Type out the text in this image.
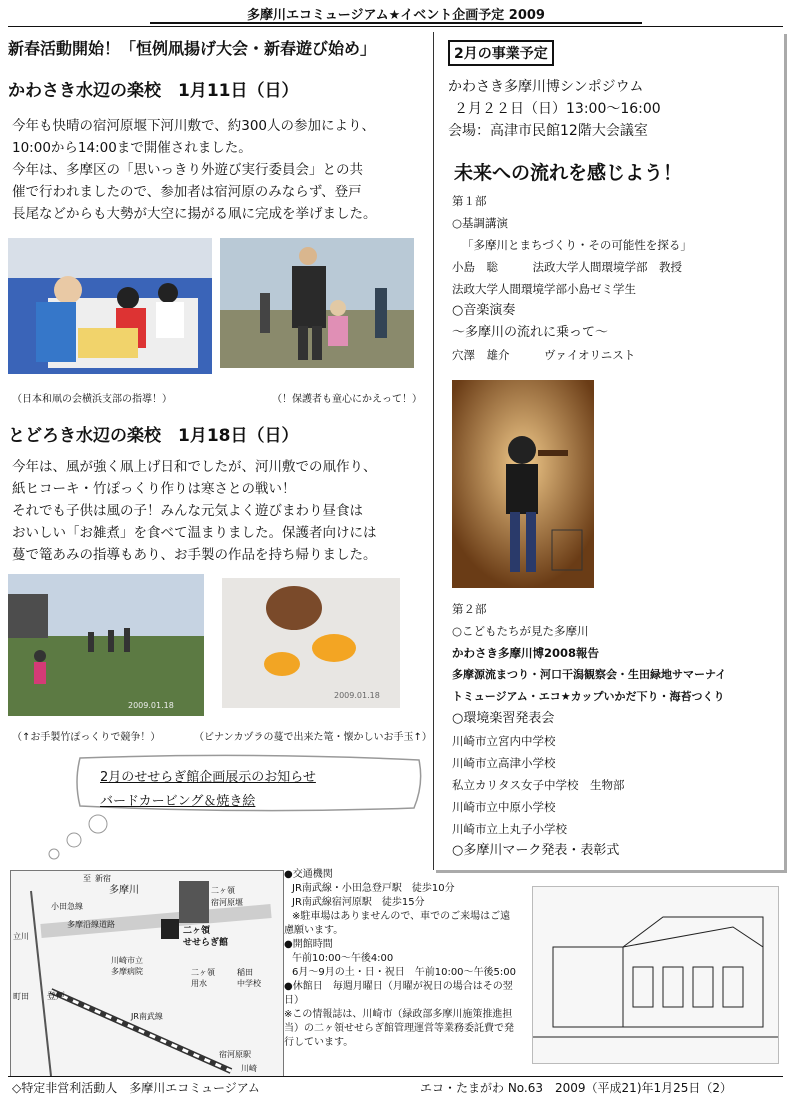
多摩川エコミュージアム★イベント企画予定 2009
新春活動開始！「恒例凧揚げ大会・新春遊び始め」
かわさき水辺の楽校　1月11日（日）
今年も快晴の宿河原堰下河川敷で、約300人の参加により、
10:00から14:00まで開催されました。
今年は、多摩区の「思いっきり外遊び実行委員会」との共
催で行われましたので、参加者は宿河原のみならず、登戸
長尾などからも大勢が大空に揚がる凧に完成を挙げました。
（日本和凧の会横浜支部の指導！）	（！保護者も童心にかえって！）
とどろき水辺の楽校　1月18日（日）
今年は、風が強く凧上げ日和でしたが、河川敷での凧作り、
紙ヒコーキ・竹ぽっくり作りは寒さとの戦い！
それでも子供は風の子！みんな元気よく遊びまわり昼食は
おいしい「お雑煮」を食べて温まりました。保護者向けには
蔓で篭あみの指導もあり、お手製の作品を持ち帰りました。
2009.01.18
2009.01.18
（↑お手製竹ぽっくりで競争！）	（ビナンカヅラの蔓で出来た篭・懐かしいお手玉↑）
2月のせせらぎ館企画展示のお知らせ
バードカービング＆焼き絵
2月の事業予定
かわさき多摩川博シンポジウム
２月２２日（日）13:00～16:00
会場：高津市民館12階大会議室
未来への流れを感じよう！
第１部
○基調講演
「多摩川とまちづくり・その可能性を探る」
小島　聡　　　法政大学人間環境学部　教授
法政大学人間環境学部小島ゼミ学生
○音楽演奏
～多摩川の流れに乗って～
穴澤　雄介　　　ヴァイオリニスト
第２部
○こどもたちが見た多摩川
かわさき多摩川博2008報告
多摩源流まつり・河口干潟観察会・生田緑地サマーナイ
トミュージアム・エコ★カップいかだ下り・海苔つくり
○環境楽習発表会
川崎市立宮内中学校
川崎市立高津小学校
私立カリタス女子中学校　生物部
川崎市立中原小学校
川崎市立上丸子小学校
○多摩川マーク発表・表彰式
多摩川
二ヶ領
せせらぎ館
二ヶ領
宿河原堰
登戸
多摩沿線道路
川崎市立
多摩病院	二ヶ領
用水
稲田
中学校
宿河原駅
JR南武線
小田急線
至 新宿
立川
町田
川崎
●交通機関
JR南武線・小田急登戸駅　徒歩10分
JR南武線宿河原駅　徒歩15分
※駐車場はありませんので、車でのご来場はご遠
慮願います。
●開館時間
午前10:00～午後4:00
6月～9月の土・日・祝日　午前10:00～午後5:00
●休館日　毎週月曜日（月曜が祝日の場合はその翌
日）
※この情報誌は、川崎市（緑政部多摩川施策推進担
当）の二ヶ領せせらぎ館管理運営等業務委託費で発
行しています。
◇特定非営利活動人　多摩川エコミュージアム	エコ・たまがわ No.63　2009（平成21)年1月25日（2）
